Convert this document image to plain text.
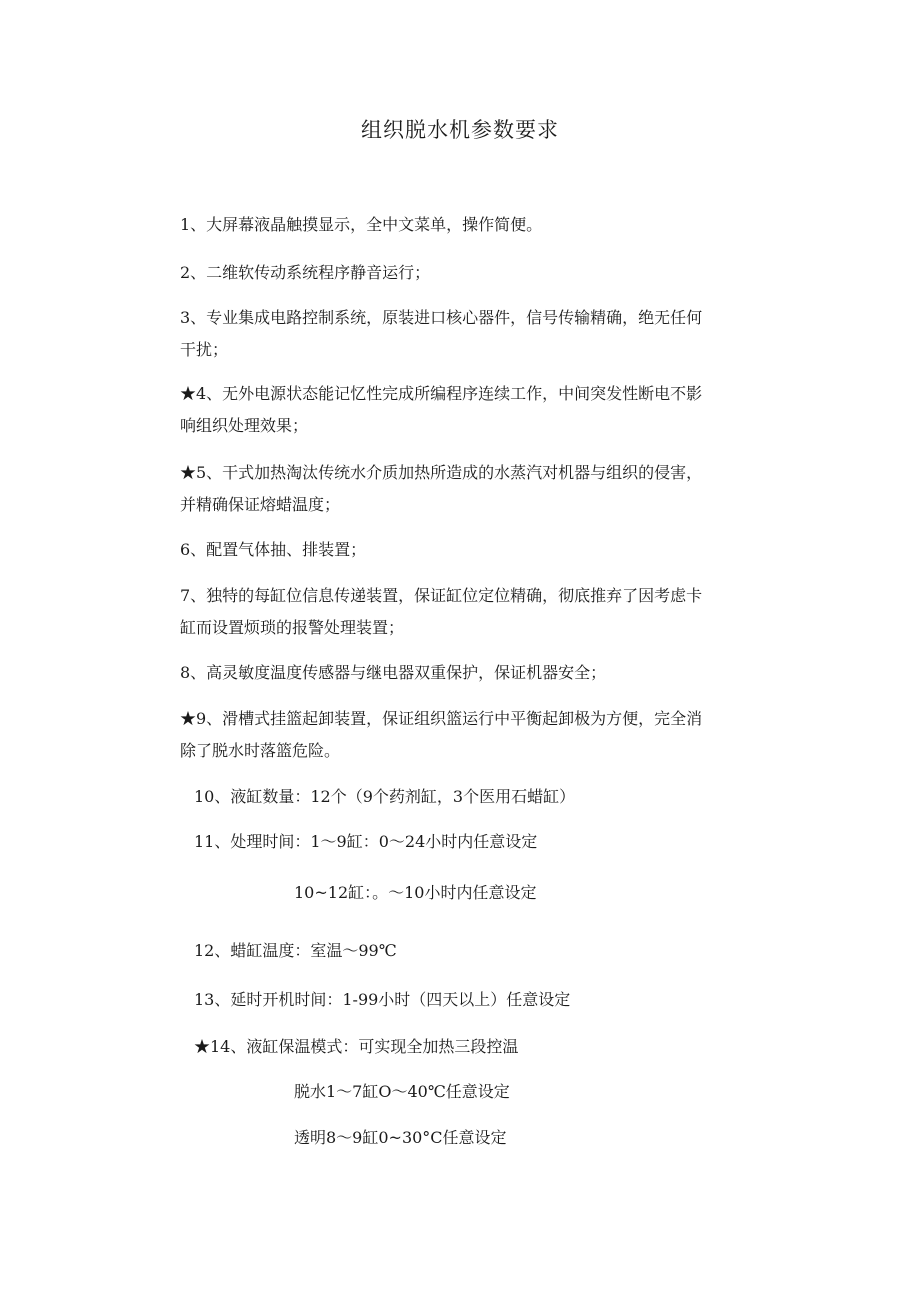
组织脱水机参数要求
1、大屏幕液晶触摸显示，全中文菜单，操作简便。
2、二维软传动系统程序静音运行；
3、专业集成电路控制系统，原装进口核心器件，信号传输精确，绝无任何
干扰；
★4、无外电源状态能记忆性完成所编程序连续工作，中间突发性断电不影
响组织处理效果；
★5、干式加热淘汰传统水介质加热所造成的水蒸汽对机器与组织的侵害，
并精确保证熔蜡温度；
6、配置气体抽、排装置；
7、独特的每缸位信息传递装置，保证缸位定位精确，彻底推弃了因考虑卡
缸而设置烦琐的报警处理装置；
8、高灵敏度温度传感器与继电器双重保护，保证机器安全；
★9、滑槽式挂篮起卸装置，保证组织篮运行中平衡起卸极为方便，完全消
除了脱水时落篮危险。
10、液缸数量：12个（9个药剂缸，3个医用石蜡缸）
11、处理时间：1～9缸：0～24小时内任意设定
10~12缸：。～10小时内任意设定
12、蜡缸温度：室温～99℃
13、延时开机时间：1-99小时（四天以上）任意设定
★14、液缸保温模式：可实现全加热三段控温
脱水1～7缸O～40℃任意设定
透明8～9缸0~30°C任意设定
